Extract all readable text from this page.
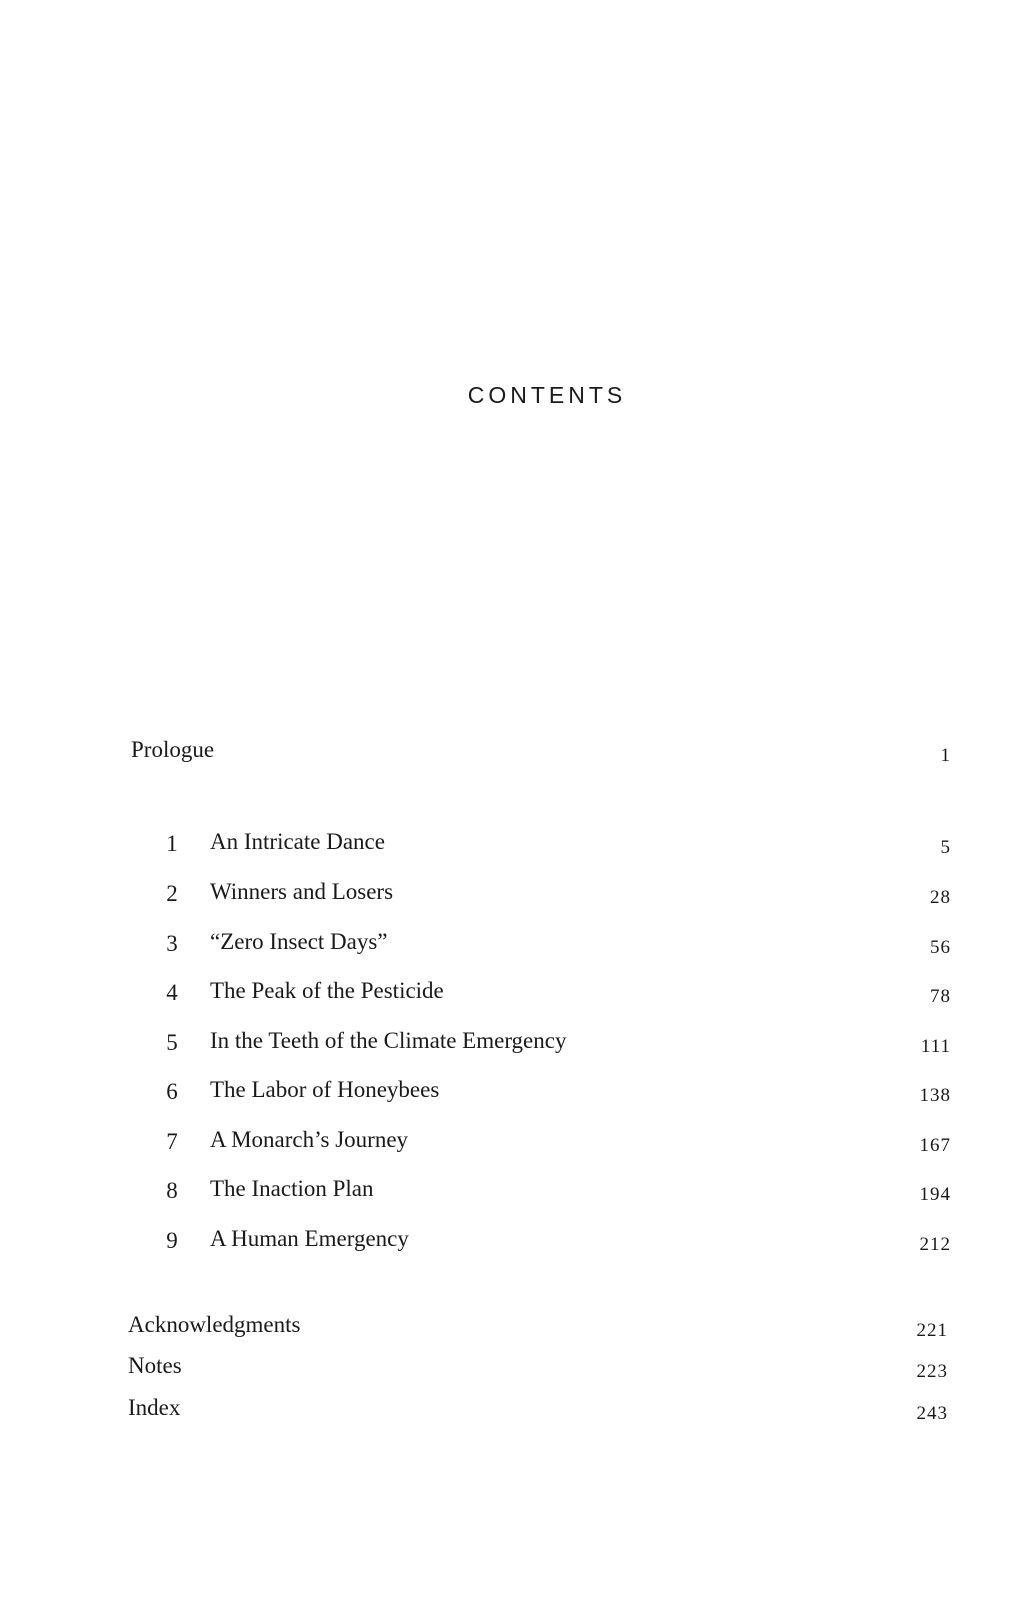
CONTENTS
Prologue	1
1 An Intricate Dance	5
2 Winners and Losers	28
3 “Zero Insect Days”	56
4 The Peak of the Pesticide	78
5 In the Teeth of the Climate Emergency	111
6 The Labor of Honeybees	138
7 A Monarch’s Journey	167
8 The Inaction Plan	194
9 A Human Emergency	212
Acknowledgments	221
Notes	223
Index	243
